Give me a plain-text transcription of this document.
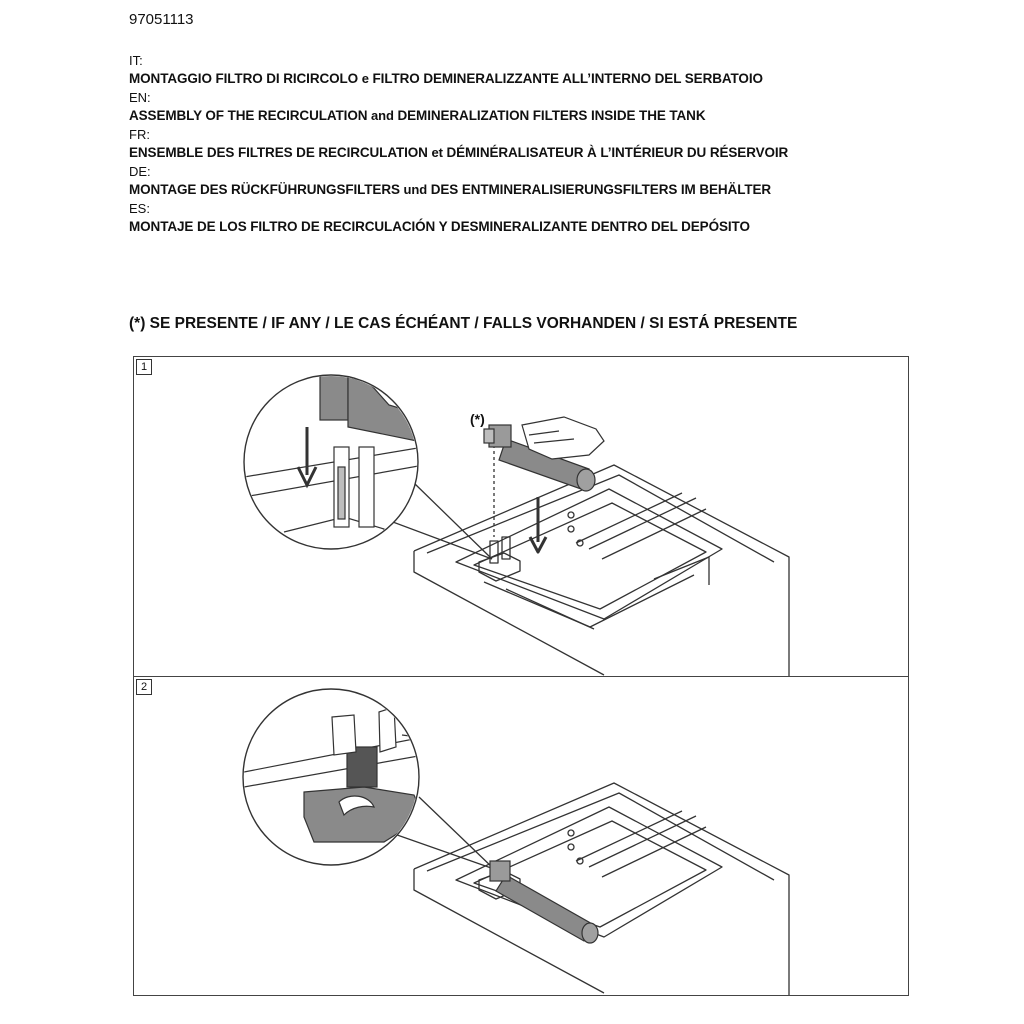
97051113
IT:
MONTAGGIO FILTRO DI RICIRCOLO e FILTRO DEMINERALIZZANTE ALL’INTERNO DEL SERBATOIO
EN:
ASSEMBLY OF THE RECIRCULATION and DEMINERALIZATION FILTERS INSIDE THE TANK
FR:
ENSEMBLE DES FILTRES DE RECIRCULATION et DÉMINÉRALISATEUR À L’INTÉRIEUR DU RÉSERVOIR
DE:
MONTAGE DES RÜCKFÜHRUNGSFILTERS und DES ENTMINERALISIERUNGSFILTERS IM BEHÄLTER
ES:
MONTAJE DE LOS FILTRO DE RECIRCULACIÓN Y DESMINERALIZANTE DENTRO DEL DEPÓSITO
(*) SE PRESENTE / IF ANY / LE CAS ÉCHÉANT / FALLS VORHANDEN / SI ESTÁ PRESENTE
1
(*)
2
